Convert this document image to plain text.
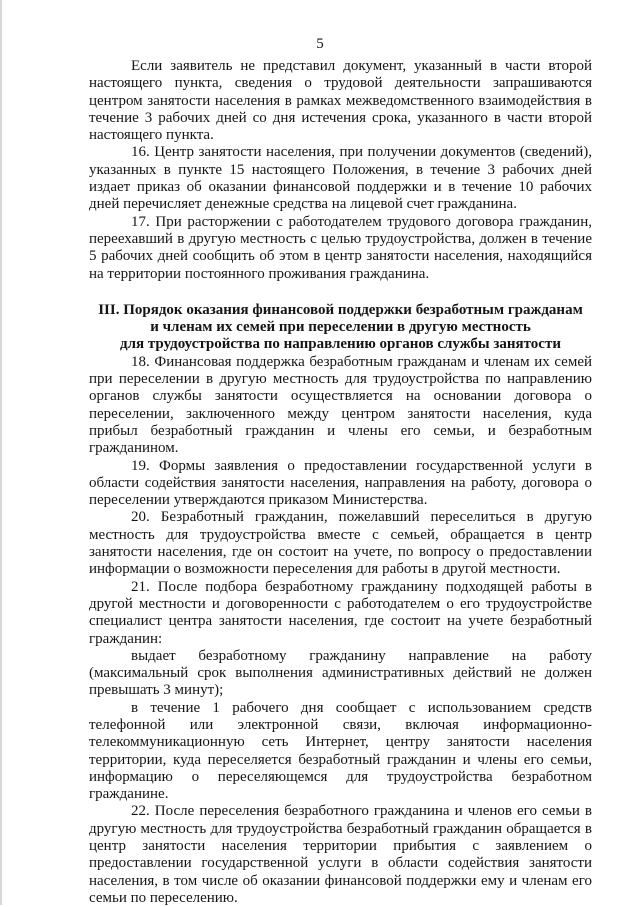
5

Если заявитель не представил документ, указанный в части второй настоящего пункта, сведения о трудовой деятельности запрашиваются центром занятости населения в рамках межведомственного взаимодействия в течение 3 рабочих дней со дня истечения срока, указанного в части второй настоящего пункта.

16. Центр занятости населения, при получении документов (сведений), указанных в пункте 15 настоящего Положения, в течение 3 рабочих дней издает приказ об оказании финансовой поддержки и в течение 10 рабочих дней перечисляет денежные средства на лицевой счет гражданина.

17. При расторжении с работодателем трудового договора гражданин, переехавший в другую местность с целью трудоустройства, должен в течение 5 рабочих дней сообщить об этом в центр занятости населения, находящийся на территории постоянного проживания гражданина.

III. Порядок оказания финансовой поддержки безработным гражданам
и членам их семей при переселении в другую местность
для трудоустройства по направлению органов службы занятости

18. Финансовая поддержка безработным гражданам и членам их семей при переселении в другую местность для трудоустройства по направлению органов службы занятости осуществляется на основании договора о переселении, заключенного между центром занятости населения, куда прибыл безработный гражданин и члены его семьи, и безработным гражданином.

19. Формы заявления о предоставлении государственной услуги в области содействия занятости населения, направления на работу, договора о переселении утверждаются приказом Министерства.

20. Безработный гражданин, пожелавший переселиться в другую местность для трудоустройства вместе с семьей, обращается в центр занятости населения, где он состоит на учете, по вопросу о предоставлении информации о возможности переселения для работы в другой местности.

21. После подбора безработному гражданину подходящей работы в другой местности и договоренности с работодателем о его трудоустройстве специалист центра занятости населения, где состоит на учете безработный гражданин:

выдает безработному гражданину направление на работу (максимальный срок выполнения административных действий не должен превышать 3 минут);

в течение 1 рабочего дня сообщает с использованием средств телефонной или электронной связи, включая информационно-телекоммуникационную сеть Интернет, центру занятости населения территории, куда переселяется безработный гражданин и члены его семьи, информацию о переселяющемся для трудоустройства безработном гражданине.

22. После переселения безработного гражданина и членов его семьи в другую местность для трудоустройства безработный гражданин обращается в центр занятости населения территории прибытия с заявлением о предоставлении государственной услуги в области содействия занятости населения, в том числе об оказании финансовой поддержки ему и членам его семьи по переселению.
